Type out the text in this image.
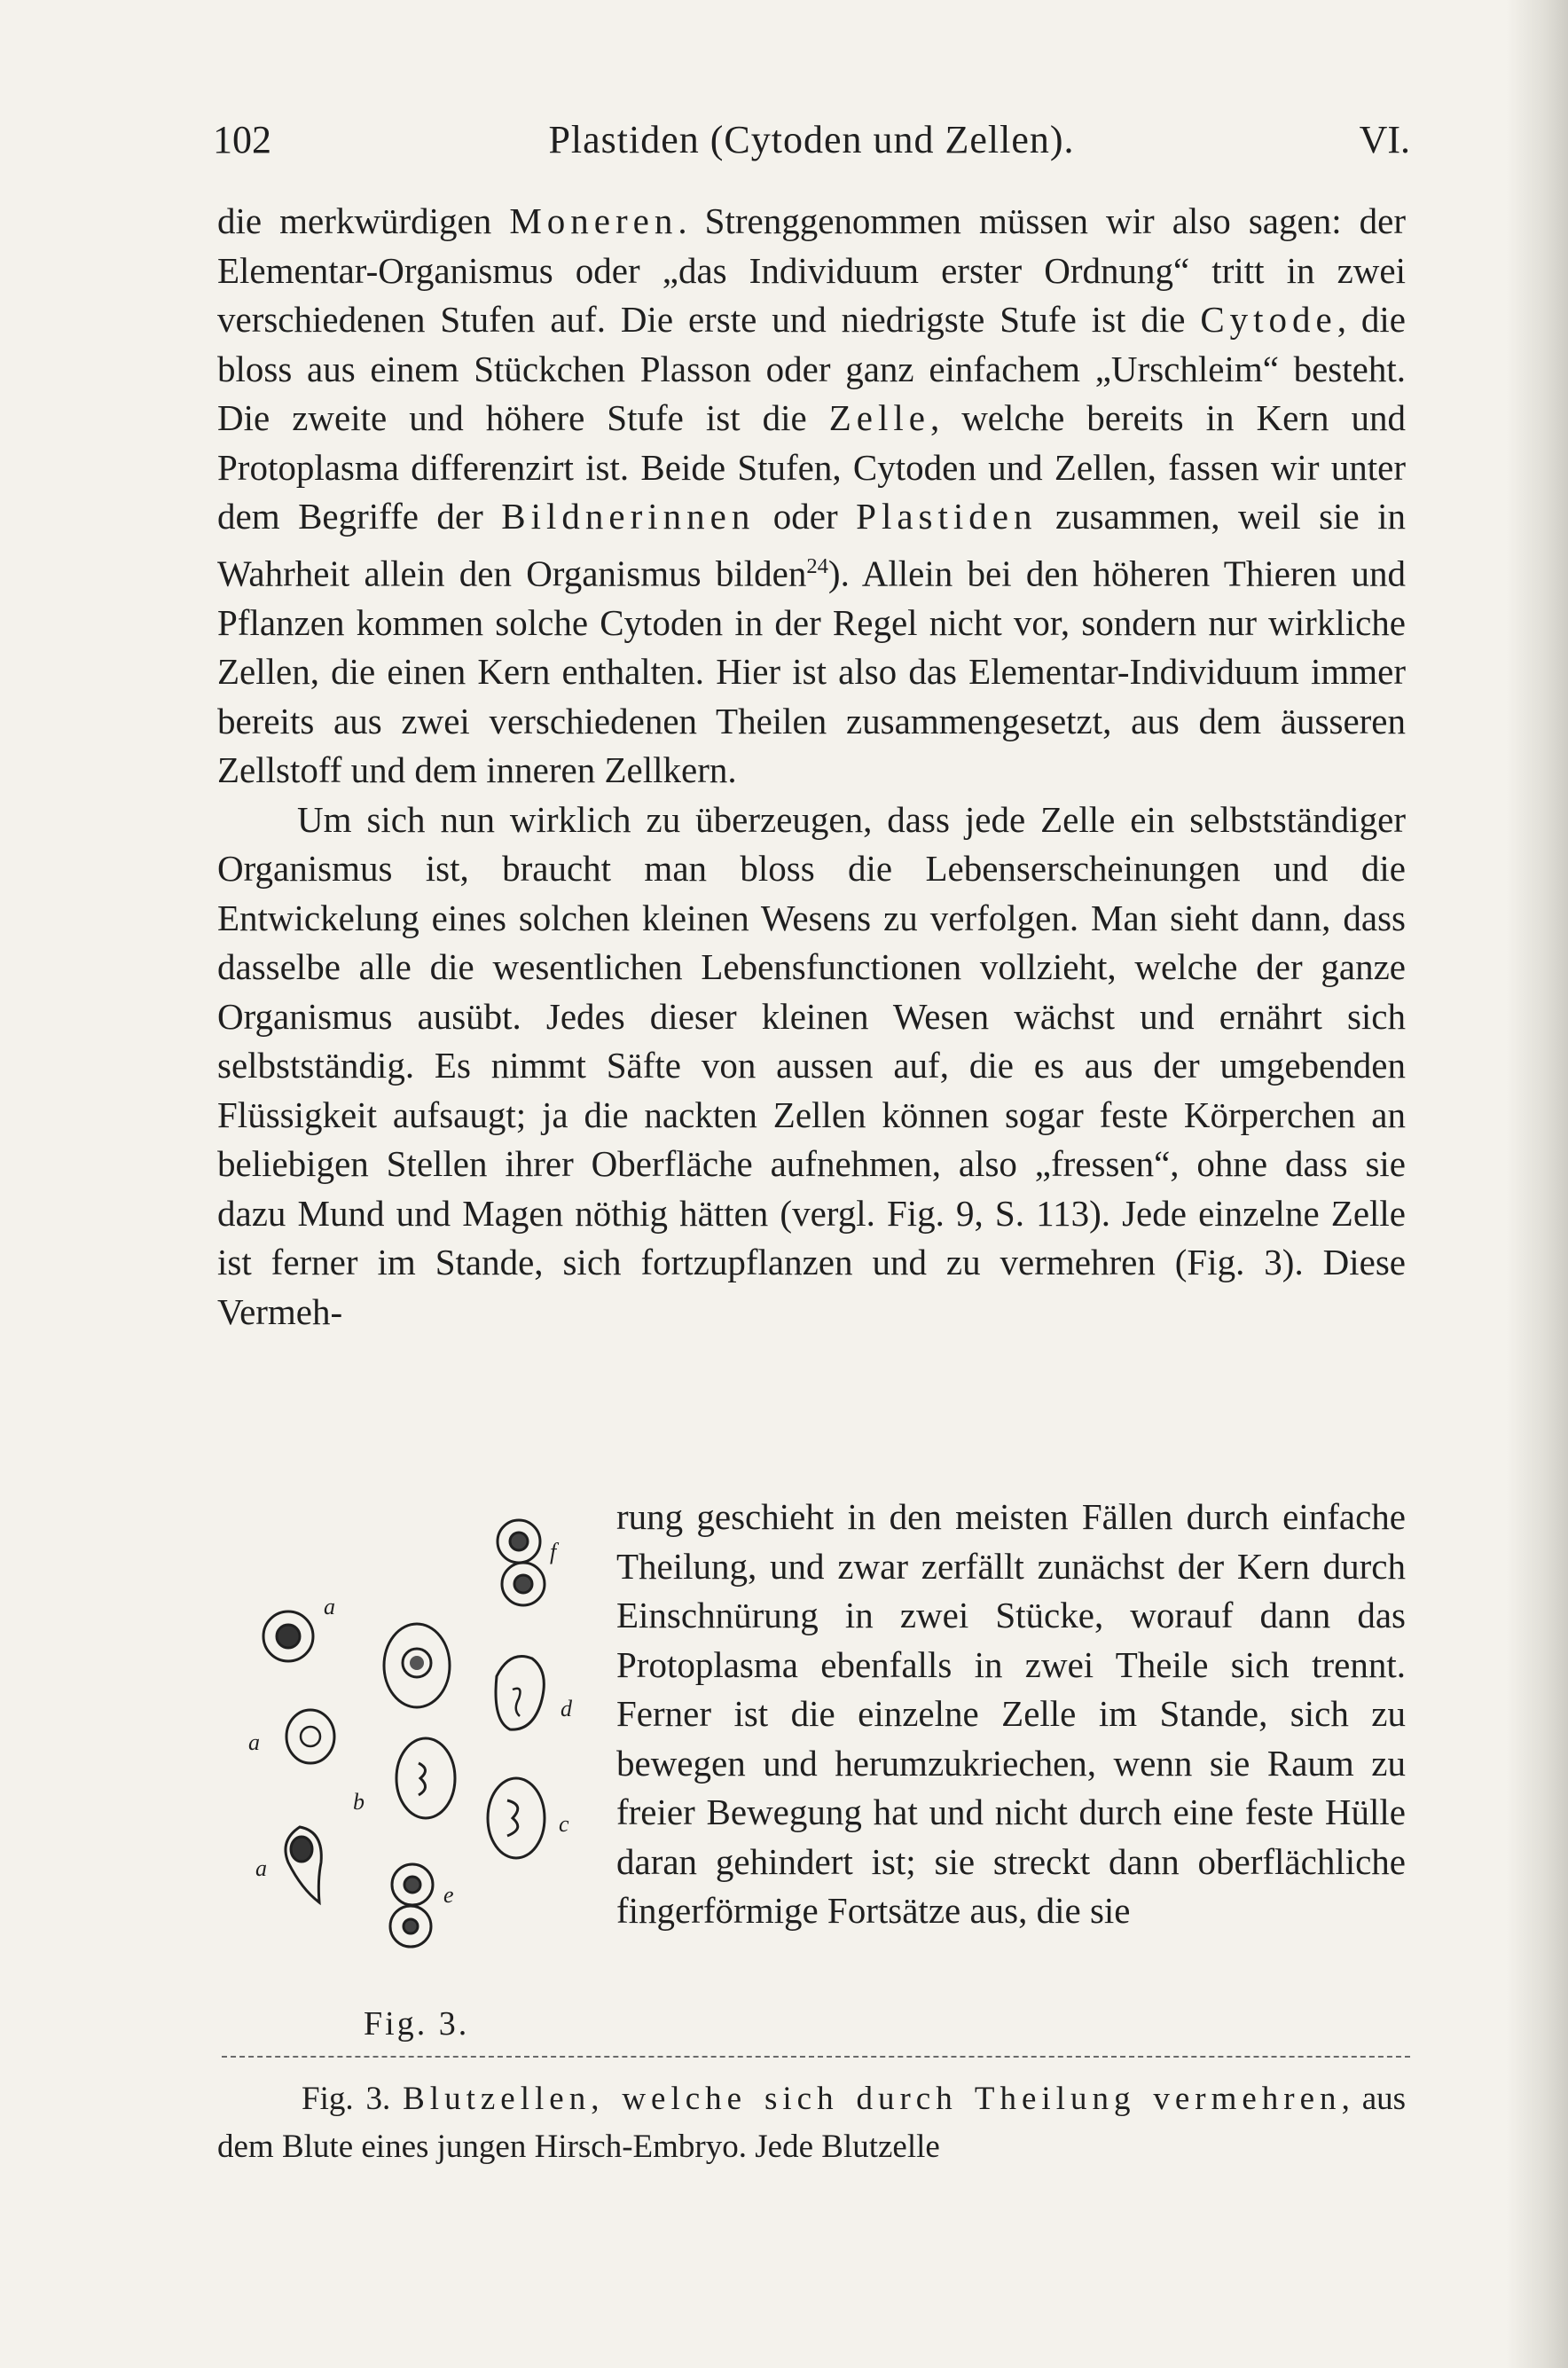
102	Plastiden (Cytoden und Zellen).	VI.

die merkwürdigen Moneren. Strenggenommen müssen wir also sagen: der Elementar-Organismus oder „das Individuum erster Ordnung“ tritt in zwei verschiedenen Stufen auf. Die erste und niedrigste Stufe ist die Cytode, die bloss aus einem Stückchen Plasson oder ganz einfachem „Urschleim“ besteht. Die zweite und höhere Stufe ist die Zelle, welche bereits in Kern und Protoplasma differenzirt ist. Beide Stufen, Cytoden und Zellen, fassen wir unter dem Begriffe der Bildnerinnen oder Plastiden zusammen, weil sie in Wahrheit allein den Organismus bilden$^{24}$). Allein bei den höheren Thieren und Pflanzen kommen solche Cytoden in der Regel nicht vor, sondern nur wirkliche Zellen, die einen Kern enthalten. Hier ist also das Elementar-Individuum immer bereits aus zwei verschiedenen Theilen zusammengesetzt, aus dem äusseren Zellstoff und dem inneren Zellkern.

Um sich nun wirklich zu überzeugen, dass jede Zelle ein selbstständiger Organismus ist, braucht man bloss die Lebenserscheinungen und die Entwickelung eines solchen kleinen Wesens zu verfolgen. Man sieht dann, dass dasselbe alle die wesentlichen Lebensfunctionen vollzieht, welche der ganze Organismus ausübt. Jedes dieser kleinen Wesen wächst und ernährt sich selbstständig. Es nimmt Säfte von aussen auf, die es aus der umgebenden Flüssigkeit aufsaugt; ja die nackten Zellen können sogar feste Körperchen an beliebigen Stellen ihrer Oberfläche aufnehmen, also „fressen“, ohne dass sie dazu Mund und Magen nöthig hätten (vergl. Fig. 9, S. 113). Jede einzelne Zelle ist ferner im Stande, sich fortzupflanzen und zu vermehren (Fig. 3). Diese Vermeh-

a
a
a
b
c
d
e
f
Fig. 3.
rung geschieht in den meisten Fällen durch einfache Theilung, und zwar zerfällt zunächst der Kern durch Einschnürung in zwei Stücke, worauf dann das Protoplasma ebenfalls in zwei Theile sich trennt. Ferner ist die einzelne Zelle im Stande, sich zu bewegen und herumzukriechen, wenn sie Raum zu freier Bewegung hat und nicht durch eine feste Hülle daran gehindert ist; sie streckt dann oberflächliche fingerförmige Fortsätze aus, die sie

Fig. 3. Blutzellen, welche sich durch Theilung vermehren, aus dem Blute eines jungen Hirsch-Embryo. Jede Blutzelle
